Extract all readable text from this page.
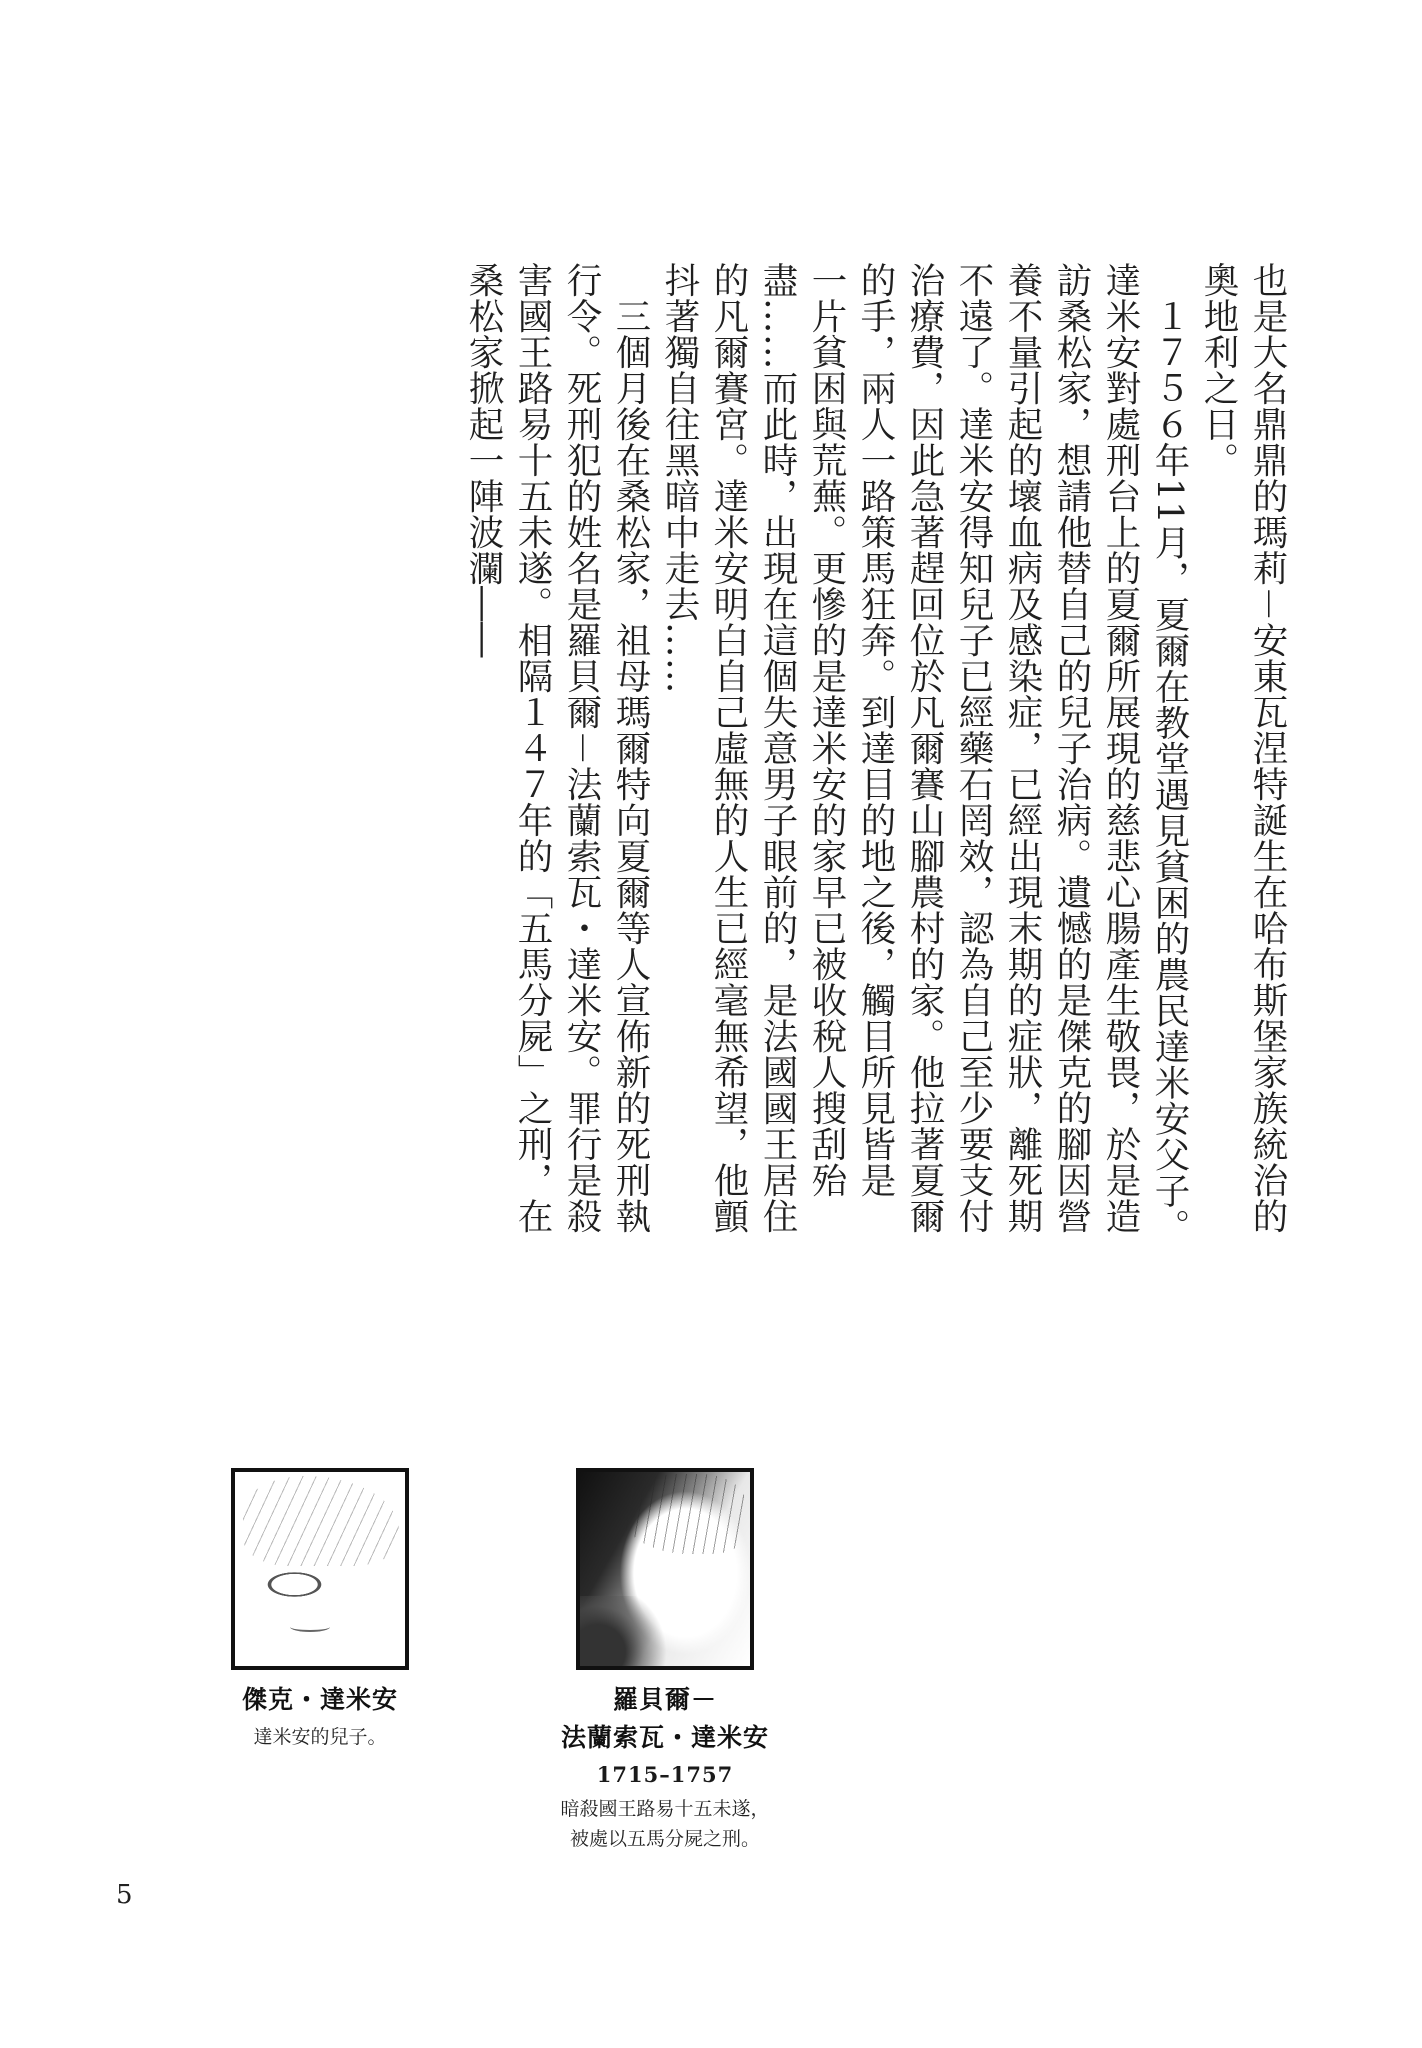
也是大名鼎鼎的瑪莉－安東瓦涅特誕生在哈布斯堡家族統治的
奧地利之日。
　１７５６年11月，夏爾在教堂遇見貧困的農民達米安父子。
達米安對處刑台上的夏爾所展現的慈悲心腸產生敬畏，於是造
訪桑松家，想請他替自己的兒子治病。遺憾的是傑克的腳因營
養不量引起的壞血病及感染症，已經出現末期的症狀，離死期
不遠了。達米安得知兒子已經藥石罔效，認為自己至少要支付
治療費，因此急著趕回位於凡爾賽山腳農村的家。他拉著夏爾
的手，兩人一路策馬狂奔。到達目的地之後，觸目所見皆是
一片貧困與荒蕪。更慘的是達米安的家早已被收稅人搜刮殆
盡……而此時，出現在這個失意男子眼前的，是法國國王居住
的凡爾賽宮。達米安明白自己虛無的人生已經毫無希望，他顫
抖著獨自往黑暗中走去……
　三個月後在桑松家，祖母瑪爾特向夏爾等人宣佈新的死刑執
行令。死刑犯的姓名是羅貝爾－法蘭索瓦・達米安。罪行是殺
害國王路易十五未遂。相隔１４７年的「五馬分屍」之刑，在
桑松家掀起一陣波瀾――
傑克・達米安
達米安的兒子。
羅貝爾－
法蘭索瓦・達米安
1715–1757
暗殺國王路易十五未遂，
被處以五馬分屍之刑。
5
